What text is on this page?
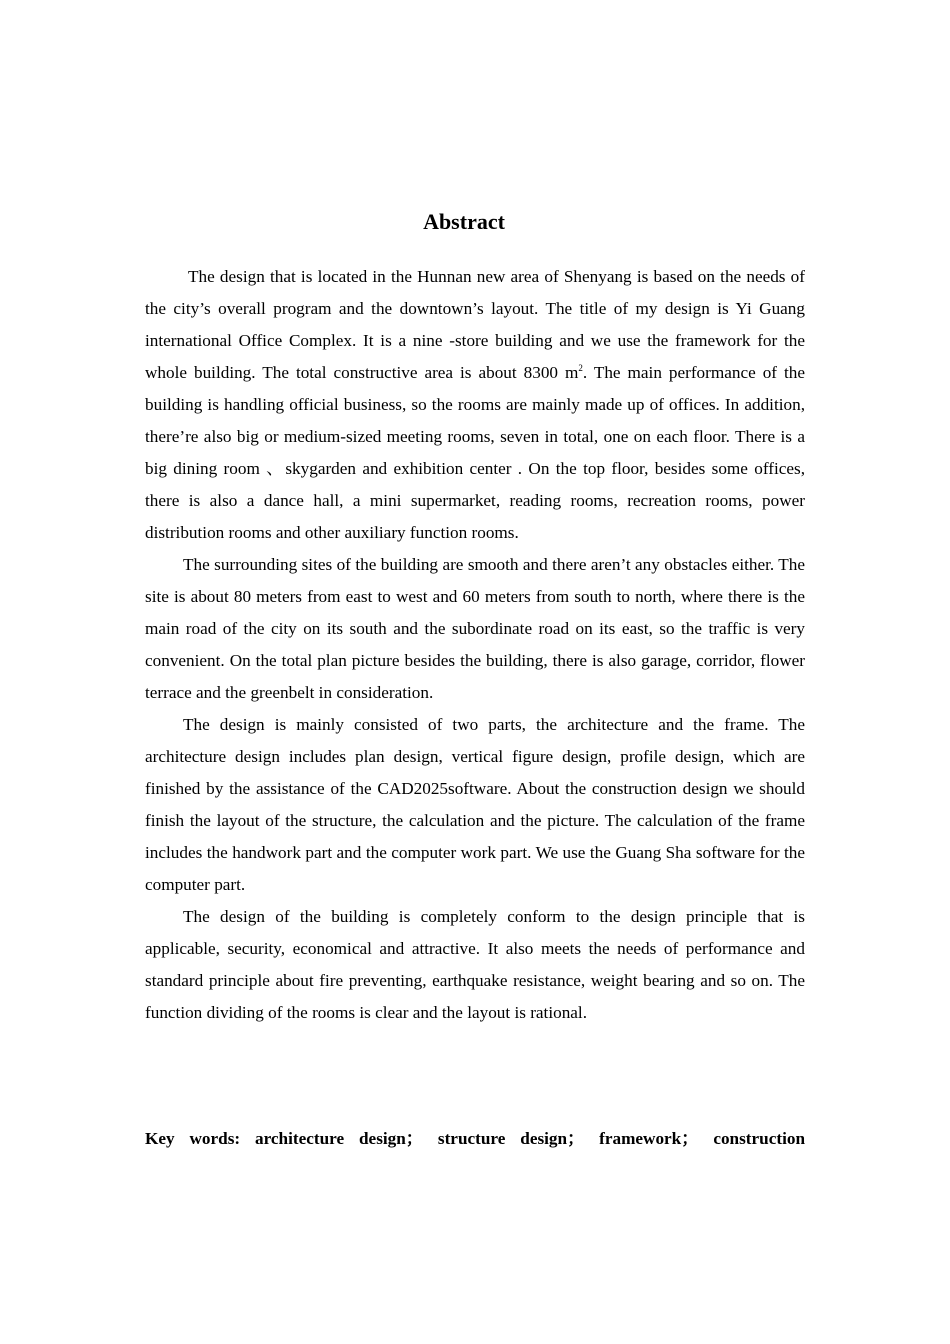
Abstract

The design that is located in the Hunnan new area of Shenyang is based on the needs of the city’s overall program and the downtown’s layout. The title of my design is Yi Guang international Office Complex. It is a nine -store building and we use the framework for the whole building. The total constructive area is about 8300 $m^2$. The main performance of the building is handling official business, so the rooms are mainly made up of offices. In addition, there’re also big or medium-sized meeting rooms, seven in total, one on each floor. There is a big dining room 、skygarden and exhibition center . On the top floor, besides some offices, there is also a dance hall, a mini supermarket, reading rooms, recreation rooms, power distribution rooms and other auxiliary function rooms.

The surrounding sites of the building are smooth and there aren’t any obstacles either. The site is about 80 meters from east to west and 60 meters from south to north, where there is the main road of the city on its south and the subordinate road on its east, so the traffic is very convenient. On the total plan picture besides the building, there is also garage, corridor, flower terrace and the greenbelt in consideration.

The design is mainly consisted of two parts, the architecture and the frame. The architecture design includes plan design, vertical figure design, profile design, which are finished by the assistance of the CAD2025software. About the construction design we should finish the layout of the structure, the calculation and the picture. The calculation of the frame includes the handwork part and the computer work part. We use the Guang Sha software for the computer part.

The design of the building is completely conform to the design principle that is applicable, security, economical and attractive. It also meets the needs of performance and standard principle about fire preventing, earthquake resistance, weight bearing and so on. The function dividing of the rooms is clear and the layout is rational.

Key words: architecture design； structure design； framework； construction
